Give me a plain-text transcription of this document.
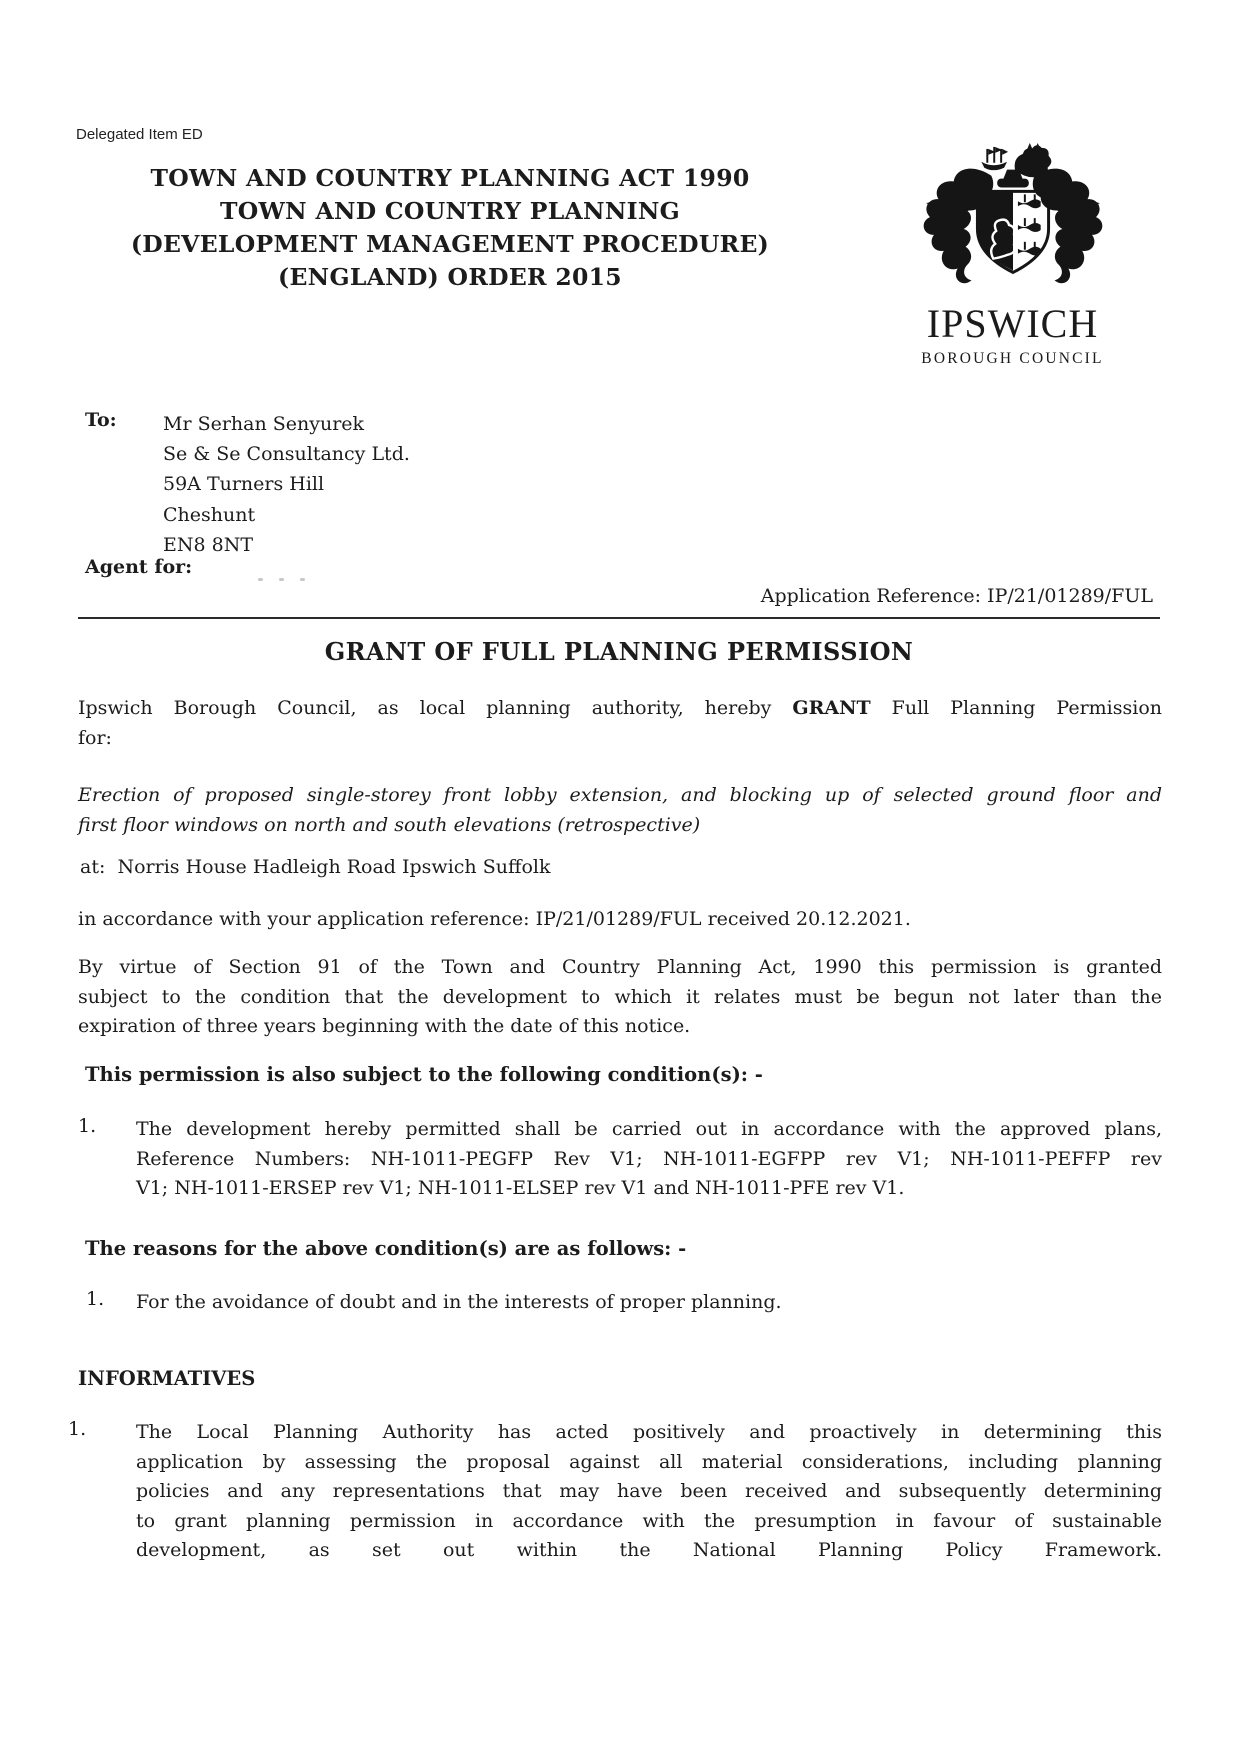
Delegated Item ED
TOWN AND COUNTRY PLANNING ACT 1990
TOWN AND COUNTRY PLANNING
(DEVELOPMENT MANAGEMENT PROCEDURE)
(ENGLAND) ORDER 2015
IPSWICH
BOROUGH COUNCIL
To: Mr Serhan Senyurek
Se & Se Consultancy Ltd.
59A Turners Hill
Cheshunt
EN8 8NT
Agent for:
Application Reference: IP/21/01289/FUL
GRANT OF FULL PLANNING PERMISSION
Ipswich Borough Council, as local planning authority, hereby GRANT Full Planning Permission
for:
Erection of proposed single-storey front lobby extension, and blocking up of selected ground floor and
first floor windows on north and south elevations (retrospective)
at: Norris House Hadleigh Road Ipswich Suffolk
in accordance with your application reference: IP/21/01289/FUL received 20.12.2021.
By virtue of Section 91 of the Town and Country Planning Act, 1990 this permission is granted
subject to the condition that the development to which it relates must be begun not later than the
expiration of three years beginning with the date of this notice.
This permission is also subject to the following condition(s): -
1. The development hereby permitted shall be carried out in accordance with the approved plans,
Reference Numbers: NH-1011-PEGFP Rev V1; NH-1011-EGFPP rev V1; NH-1011-PEFFP rev
V1; NH-1011-ERSEP rev V1; NH-1011-ELSEP rev V1 and NH-1011-PFE rev V1.
The reasons for the above condition(s) are as follows: -
1. For the avoidance of doubt and in the interests of proper planning.
INFORMATIVES
1.	The Local Planning Authority has acted positively and proactively in determining this
application by assessing the proposal against all material considerations, including planning
policies and any representations that may have been received and subsequently determining
to grant planning permission in accordance with the presumption in favour of sustainable
development, as set out within the National Planning Policy Framework.
